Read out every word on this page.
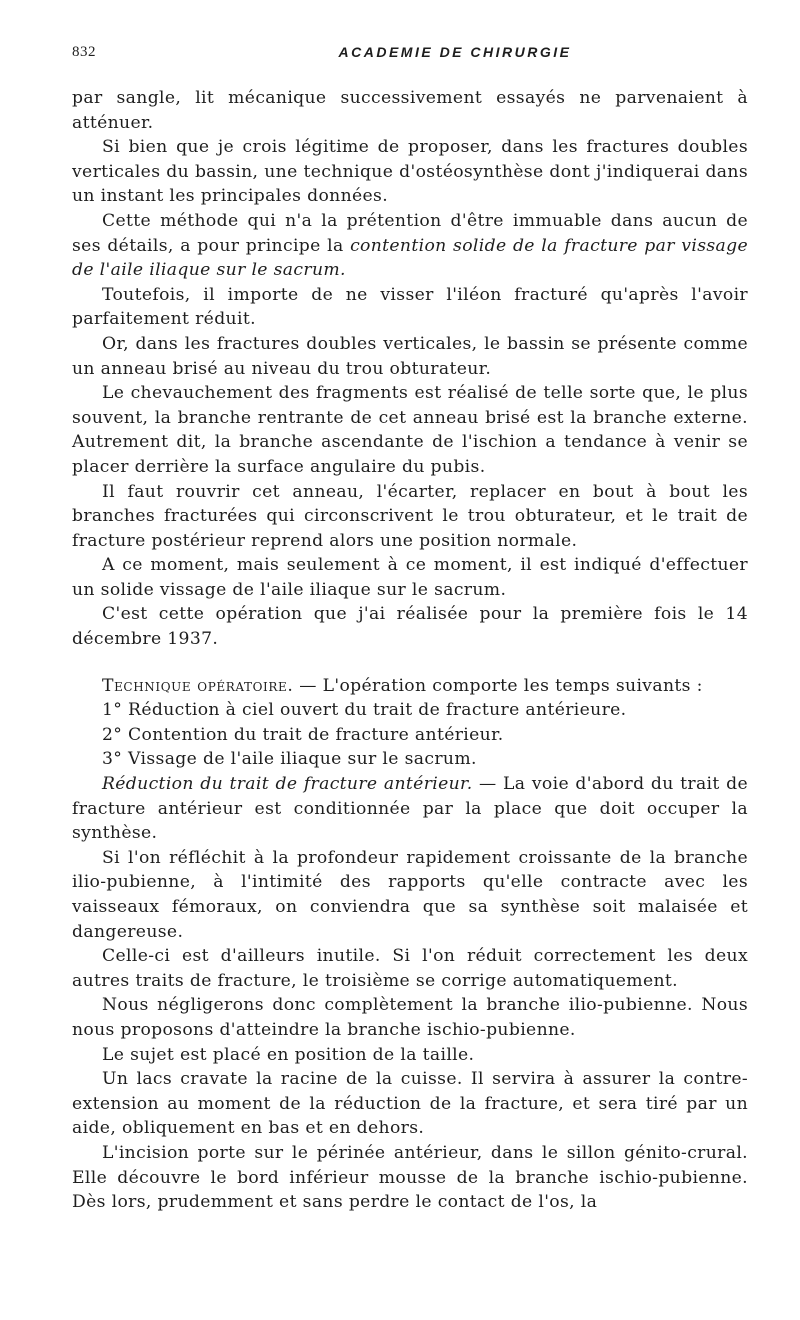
832	ACADEMIE DE CHIRURGIE

par sangle, lit mécanique successivement essayés ne parvenaient à atténuer.

Si bien que je crois légitime de proposer, dans les fractures doubles verticales du bassin, une technique d'ostéosynthèse dont j'indiquerai dans un instant les principales données.

Cette méthode qui n'a la prétention d'être immuable dans aucun de ses détails, a pour principe la contention solide de la fracture par vissage de l'aile iliaque sur le sacrum.

Toutefois, il importe de ne visser l'iléon fracturé qu'après l'avoir parfaitement réduit.

Or, dans les fractures doubles verticales, le bassin se présente comme un anneau brisé au niveau du trou obturateur.

Le chevauchement des fragments est réalisé de telle sorte que, le plus souvent, la branche rentrante de cet anneau brisé est la branche externe. Autrement dit, la branche ascendante de l'ischion a tendance à venir se placer derrière la surface angulaire du pubis.

Il faut rouvrir cet anneau, l'écarter, replacer en bout à bout les branches fracturées qui circonscrivent le trou obturateur, et le trait de fracture postérieur reprend alors une position normale.

A ce moment, mais seulement à ce moment, il est indiqué d'effectuer un solide vissage de l'aile iliaque sur le sacrum.

C'est cette opération que j'ai réalisée pour la première fois le 14 décembre 1937.

Technique opératoire. — L'opération comporte les temps suivants :

1° Réduction à ciel ouvert du trait de fracture antérieure.

2° Contention du trait de fracture antérieur.

3° Vissage de l'aile iliaque sur le sacrum.

Réduction du trait de fracture antérieur. — La voie d'abord du trait de fracture antérieur est conditionnée par la place que doit occuper la synthèse.

Si l'on réfléchit à la profondeur rapidement croissante de la branche ilio-pubienne, à l'intimité des rapports qu'elle contracte avec les vaisseaux fémoraux, on conviendra que sa synthèse soit malaisée et dangereuse.

Celle-ci est d'ailleurs inutile. Si l'on réduit correctement les deux autres traits de fracture, le troisième se corrige automatiquement.

Nous négligerons donc complètement la branche ilio-pubienne. Nous nous proposons d'atteindre la branche ischio-pubienne.

Le sujet est placé en position de la taille.

Un lacs cravate la racine de la cuisse. Il servira à assurer la contre-extension au moment de la réduction de la fracture, et sera tiré par un aide, obliquement en bas et en dehors.

L'incision porte sur le périnée antérieur, dans le sillon génito-crural. Elle découvre le bord inférieur mousse de la branche ischio-pubienne. Dès lors, prudemment et sans perdre le contact de l'os, la
